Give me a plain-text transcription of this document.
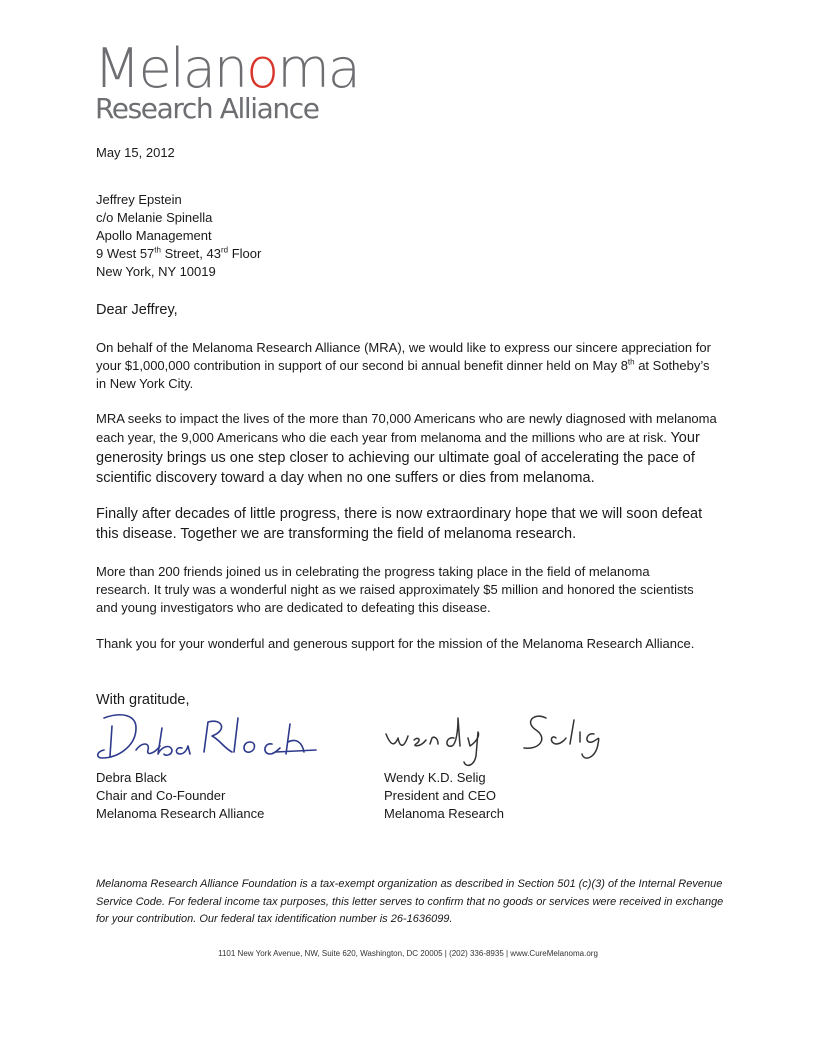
Melanoma
Research Alliance
May 15, 2012
Jeffrey Epstein
c/o Melanie Spinella
Apollo Management
9 West 57th Street, 43rd Floor
New York, NY 10019
Dear Jeffrey,
On behalf of the Melanoma Research Alliance (MRA), we would like to express our sincere appreciation for your $1,000,000 contribution in support of our second bi annual benefit dinner held on May 8th at Sotheby’s in New York City.
MRA seeks to impact the lives of the more than 70,000 Americans who are newly diagnosed with melanoma each year, the 9,000 Americans who die each year from melanoma and the millions who are at risk. Your generosity brings us one step closer to achieving our ultimate goal of accelerating the pace of scientific discovery toward a day when no one suffers or dies from melanoma.
Finally after decades of little progress, there is now extraordinary hope that we will soon defeat this disease. Together we are transforming the field of melanoma research.
More than 200 friends joined us in celebrating the progress taking place in the field of melanoma research. It truly was a wonderful night as we raised approximately $5 million and honored the scientists and young investigators who are dedicated to defeating this disease.
Thank you for your wonderful and generous support for the mission of the Melanoma Research Alliance.
With gratitude,
Debra Black
Chair and Co-Founder
Melanoma Research Alliance
Wendy K.D. Selig
President and CEO
Melanoma Research
Melanoma Research Alliance Foundation is a tax-exempt organization as described in Section 501 (c)(3) of the Internal Revenue Service Code. For federal income tax purposes, this letter serves to confirm that no goods or services were received in exchange for your contribution. Our federal tax identification number is 26-1636099.
1101 New York Avenue, NW, Suite 620, Washington, DC 20005 | (202) 336-8935 | www.CureMelanoma.org
